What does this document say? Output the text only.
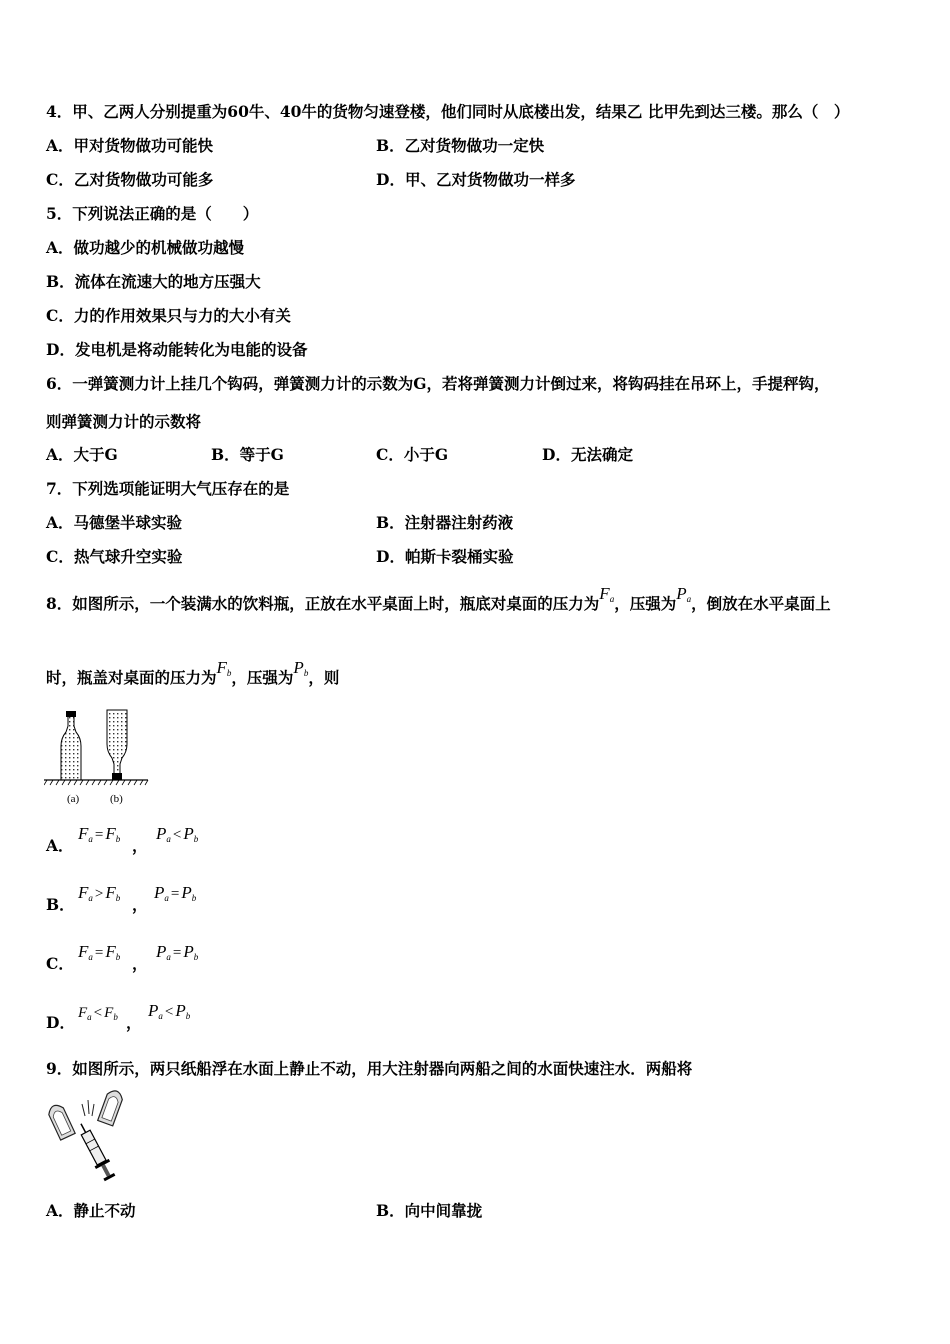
4．甲、乙两人分别提重为60牛、40牛的货物匀速登楼，他们同时从底楼出发，结果乙 比甲先到达三楼。那么（　）
A．甲对货物做功可能快	B．乙对货物做功一定快
C．乙对货物做功可能多	D．甲、乙对货物做功一样多
5．下列说法正确的是（　　）
A．做功越少的机械做功越慢
B．流体在流速大的地方压强大
C．力的作用效果只与力的大小有关
D．发电机是将动能转化为电能的设备
6．一弹簧测力计上挂几个钩码，弹簧测力计的示数为G，若将弹簧测力计倒过来，将钩码挂在吊环上，手提秤钩，
则弹簧测力计的示数将
A．大于G	B．等于G	C．小于G	D．无法确定
7．下列选项能证明大气压存在的是
A．马德堡半球实验	B．注射器注射药液
C．热气球升空实验	D．帕斯卡裂桶实验
8．如图所示，一个装满水的饮料瓶，正放在水平桌面上时，瓶底对桌面的压力为$F_a$，压强为$P_a$，倒放在水平桌面上
时，瓶盖对桌面的压力为$F_b$，压强为$P_b$，则
(a)	(b)
A．
$F_a = F_b$ ，
$P_a < P_b$
B．
$F_a > F_b$ ，
$P_a = P_b$
C．
$F_a = F_b$ ，
$P_a = P_b$
D． $F_a < F_b$ ，
$P_a < P_b$
9．如图所示，两只纸船浮在水面上静止不动，用大注射器向两船之间的水面快速注水．两船将
A．静止不动	B．向中间靠拢
